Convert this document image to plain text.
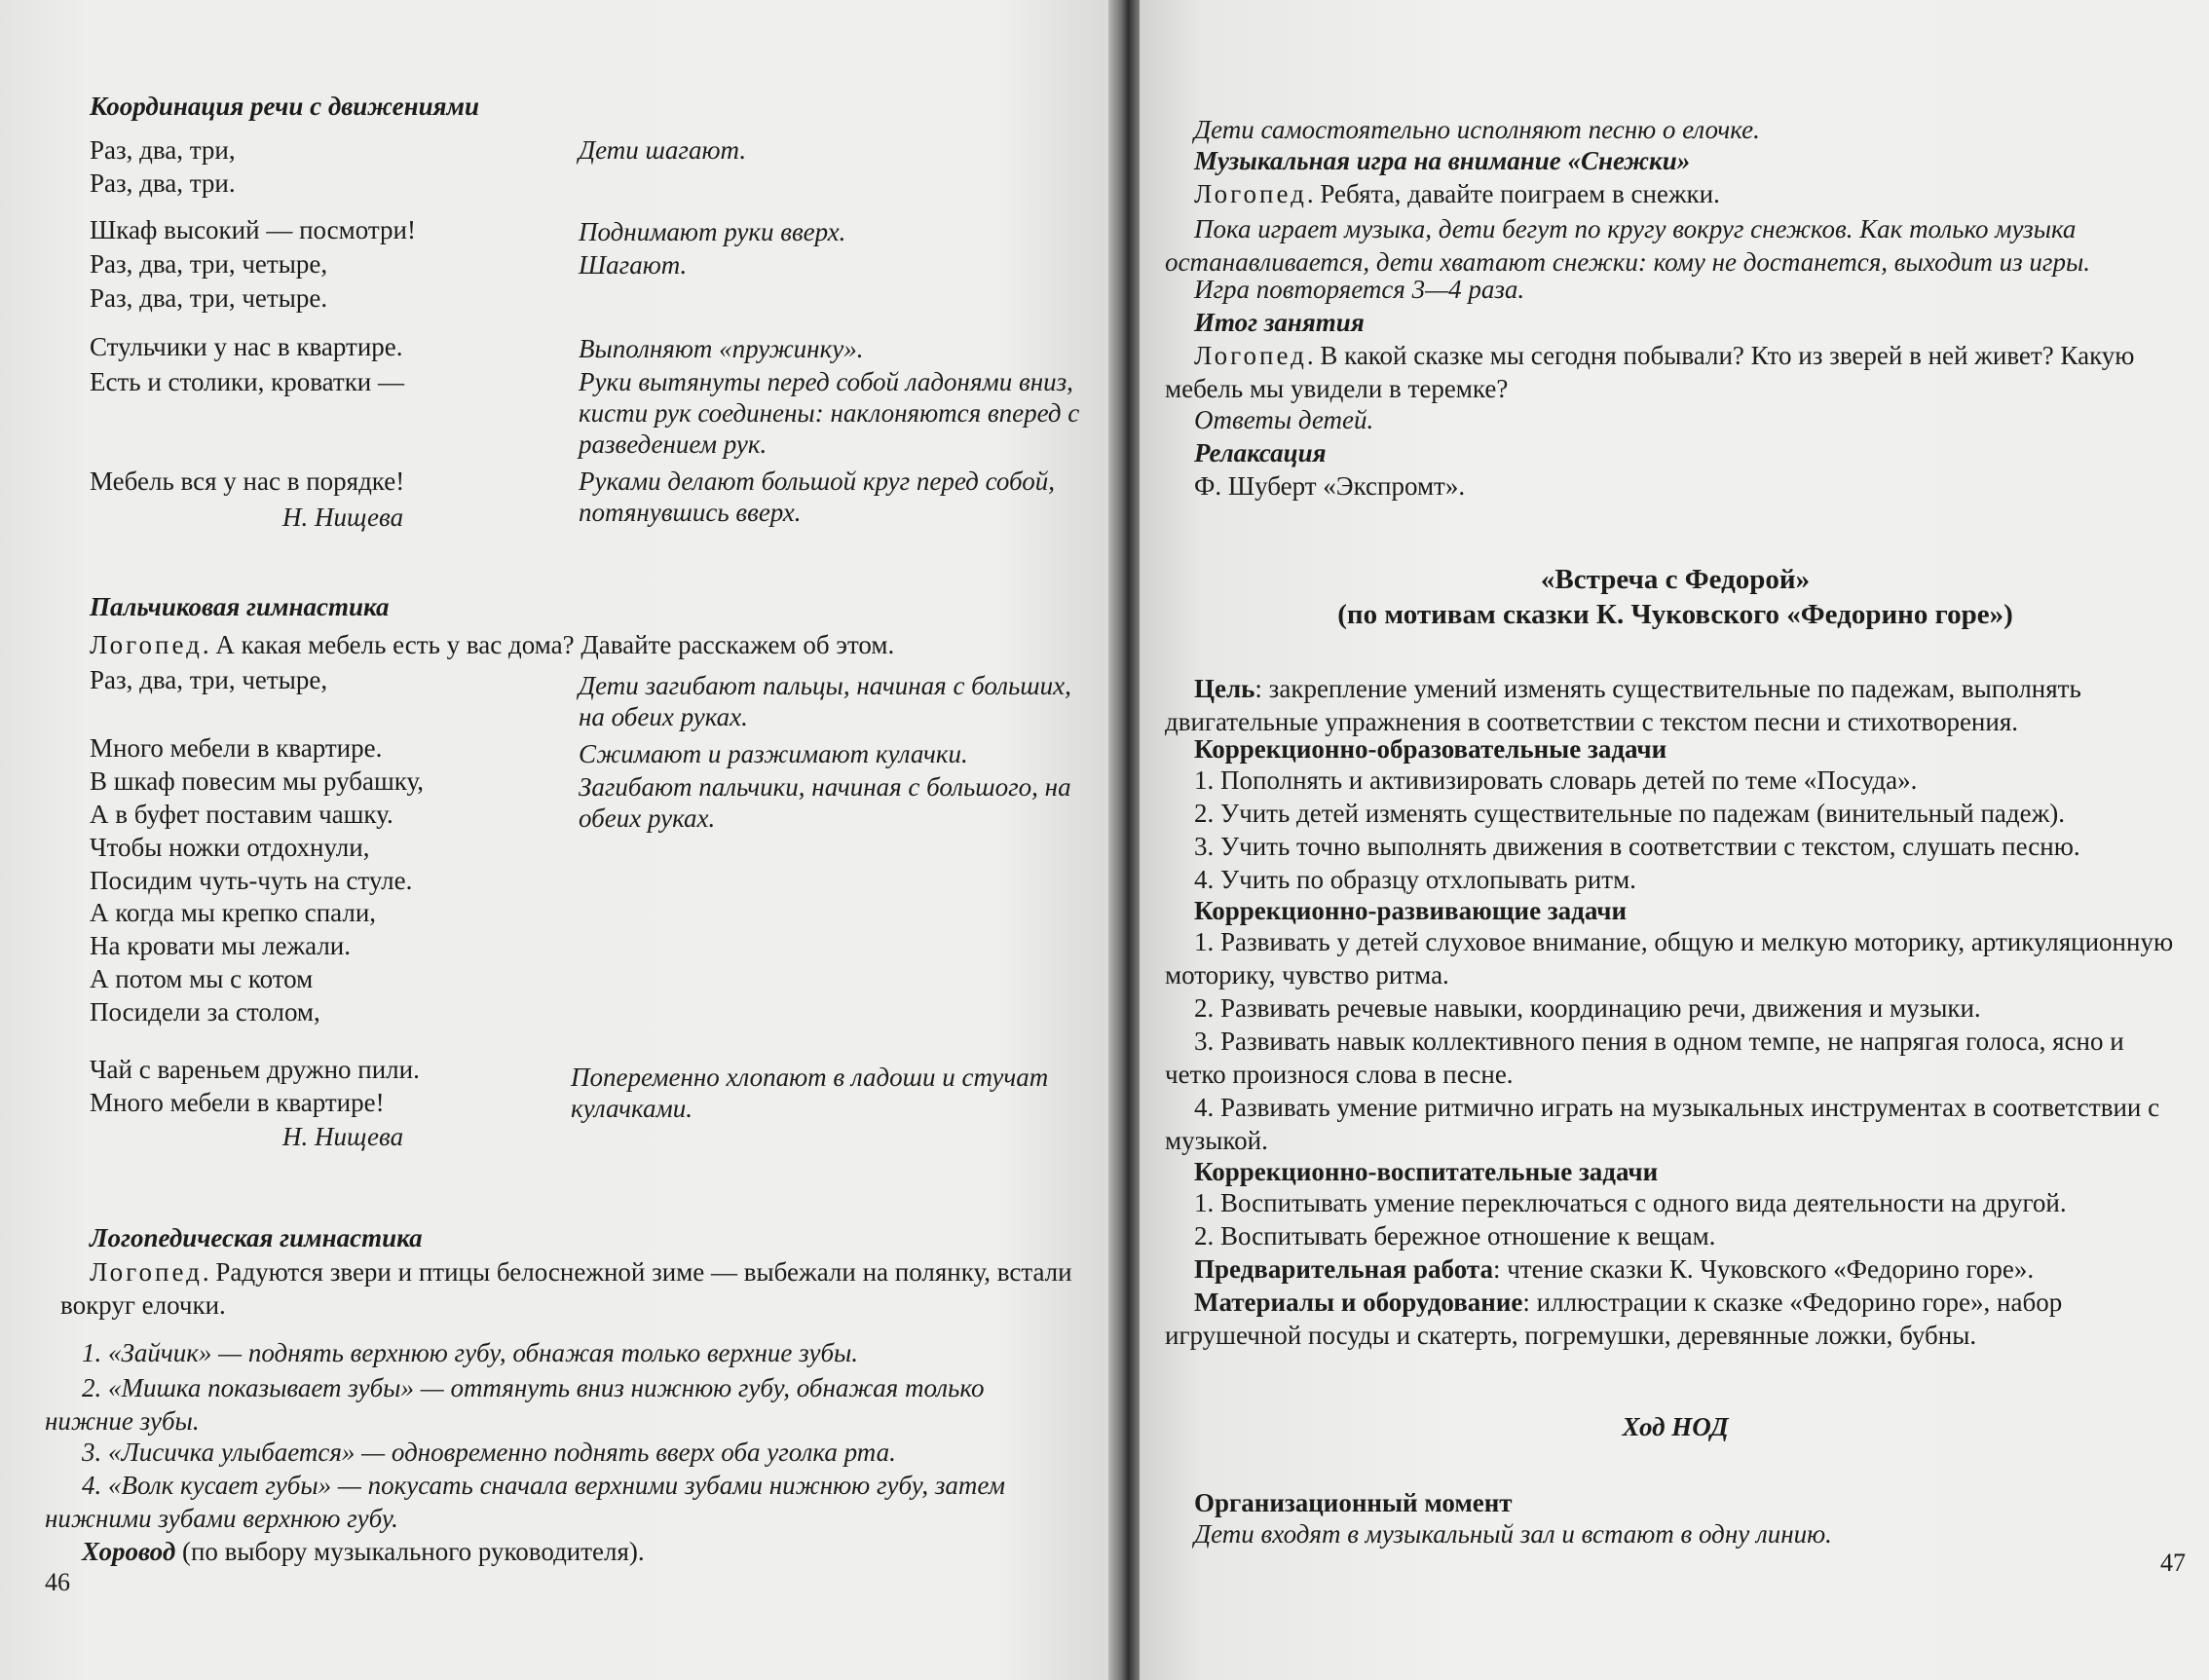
Координация речи с движениями
Раз, два, три,	Дети шагают.
Раз, два, три.
Шкаф высокий — посмотри!	Поднимают руки вверх.
Раз, два, три, четыре,	Шагают.
Раз, два, три, четыре.
Стульчики у нас в квартире.	Выполняют «пружинку».
Есть и столики, кроватки —	Руки вытянуты перед собой ладонями вниз, кисти рук соединены: наклоняются вперед с разведением рук.
Мебель вся у нас в порядке!	Руками делают большой круг перед собой, потянувшись вверх.
Н. Нищева
Пальчиковая гимнастика
Логопед. А какая мебель есть у вас дома? Давайте расскажем об этом.
Раз, два, три, четыре,	Дети загибают пальцы, начиная с больших, на обеих руках.
Много мебели в квартире.	Сжимают и разжимают кулачки.
В шкаф повесим мы рубашку,	Загибают пальчики, начиная с большого, на обеих руках.
А в буфет поставим чашку.
Чтобы ножки отдохнули,
Посидим чуть-чуть на стуле.
А когда мы крепко спали,
На кровати мы лежали.
А потом мы с котом
Посидели за столом,
Чай с вареньем дружно пили.	Попеременно хлопают в ладоши и стучат кулачками.
Много мебели в квартире!
Н. Нищева
Логопедическая гимнастика
Логопед. Радуются звери и птицы белоснежной зиме — выбежали на полянку, встали вокруг елочки.
1. «Зайчик» — поднять верхнюю губу, обнажая только верхние зубы.
2. «Мишка показывает зубы» — оттянуть вниз нижнюю губу, обнажая только нижние зубы.
3. «Лисичка улыбается» — одновременно поднять вверх оба уголка рта.
4. «Волк кусает губы» — покусать сначала верхними зубами нижнюю губу, затем нижними зубами верхнюю губу.
Хоровод (по выбору музыкального руководителя).
46
Дети самостоятельно исполняют песню о елочке.
Музыкальная игра на внимание «Снежки»
Логопед. Ребята, давайте поиграем в снежки.
Пока играет музыка, дети бегут по кругу вокруг снежков. Как только музыка останавливается, дети хватают снежки: кому не достанется, выходит из игры.
Игра повторяется 3—4 раза.
Итог занятия
Логопед. В какой сказке мы сегодня побывали? Кто из зверей в ней живет? Какую мебель мы увидели в теремке?
Ответы детей.
Релаксация
Ф. Шуберт «Экспромт».
«Встреча с Федорой»
(по мотивам сказки К. Чуковского «Федорино горе»)
Цель: закрепление умений изменять существительные по падежам, выполнять двигательные упражнения в соответствии с текстом песни и стихотворения.
Коррекционно-образовательные задачи
1. Пополнять и активизировать словарь детей по теме «Посуда».
2. Учить детей изменять существительные по падежам (винительный падеж).
3. Учить точно выполнять движения в соответствии с текстом, слушать песню.
4. Учить по образцу отхлопывать ритм.
Коррекционно-развивающие задачи
1. Развивать у детей слуховое внимание, общую и мелкую моторику, артикуляционную моторику, чувство ритма.
2. Развивать речевые навыки, координацию речи, движения и музыки.
3. Развивать навык коллективного пения в одном темпе, не напрягая голоса, ясно и четко произнося слова в песне.
4. Развивать умение ритмично играть на музыкальных инструментах в соответствии с музыкой.
Коррекционно-воспитательные задачи
1. Воспитывать умение переключаться с одного вида деятельности на другой.
2. Воспитывать бережное отношение к вещам.
Предварительная работа: чтение сказки К. Чуковского «Федорино горе».
Материалы и оборудование: иллюстрации к сказке «Федорино горе», набор игрушечной посуды и скатерть, погремушки, деревянные ложки, бубны.
Ход НОД
Организационный момент
Дети входят в музыкальный зал и встают в одну линию.
47
